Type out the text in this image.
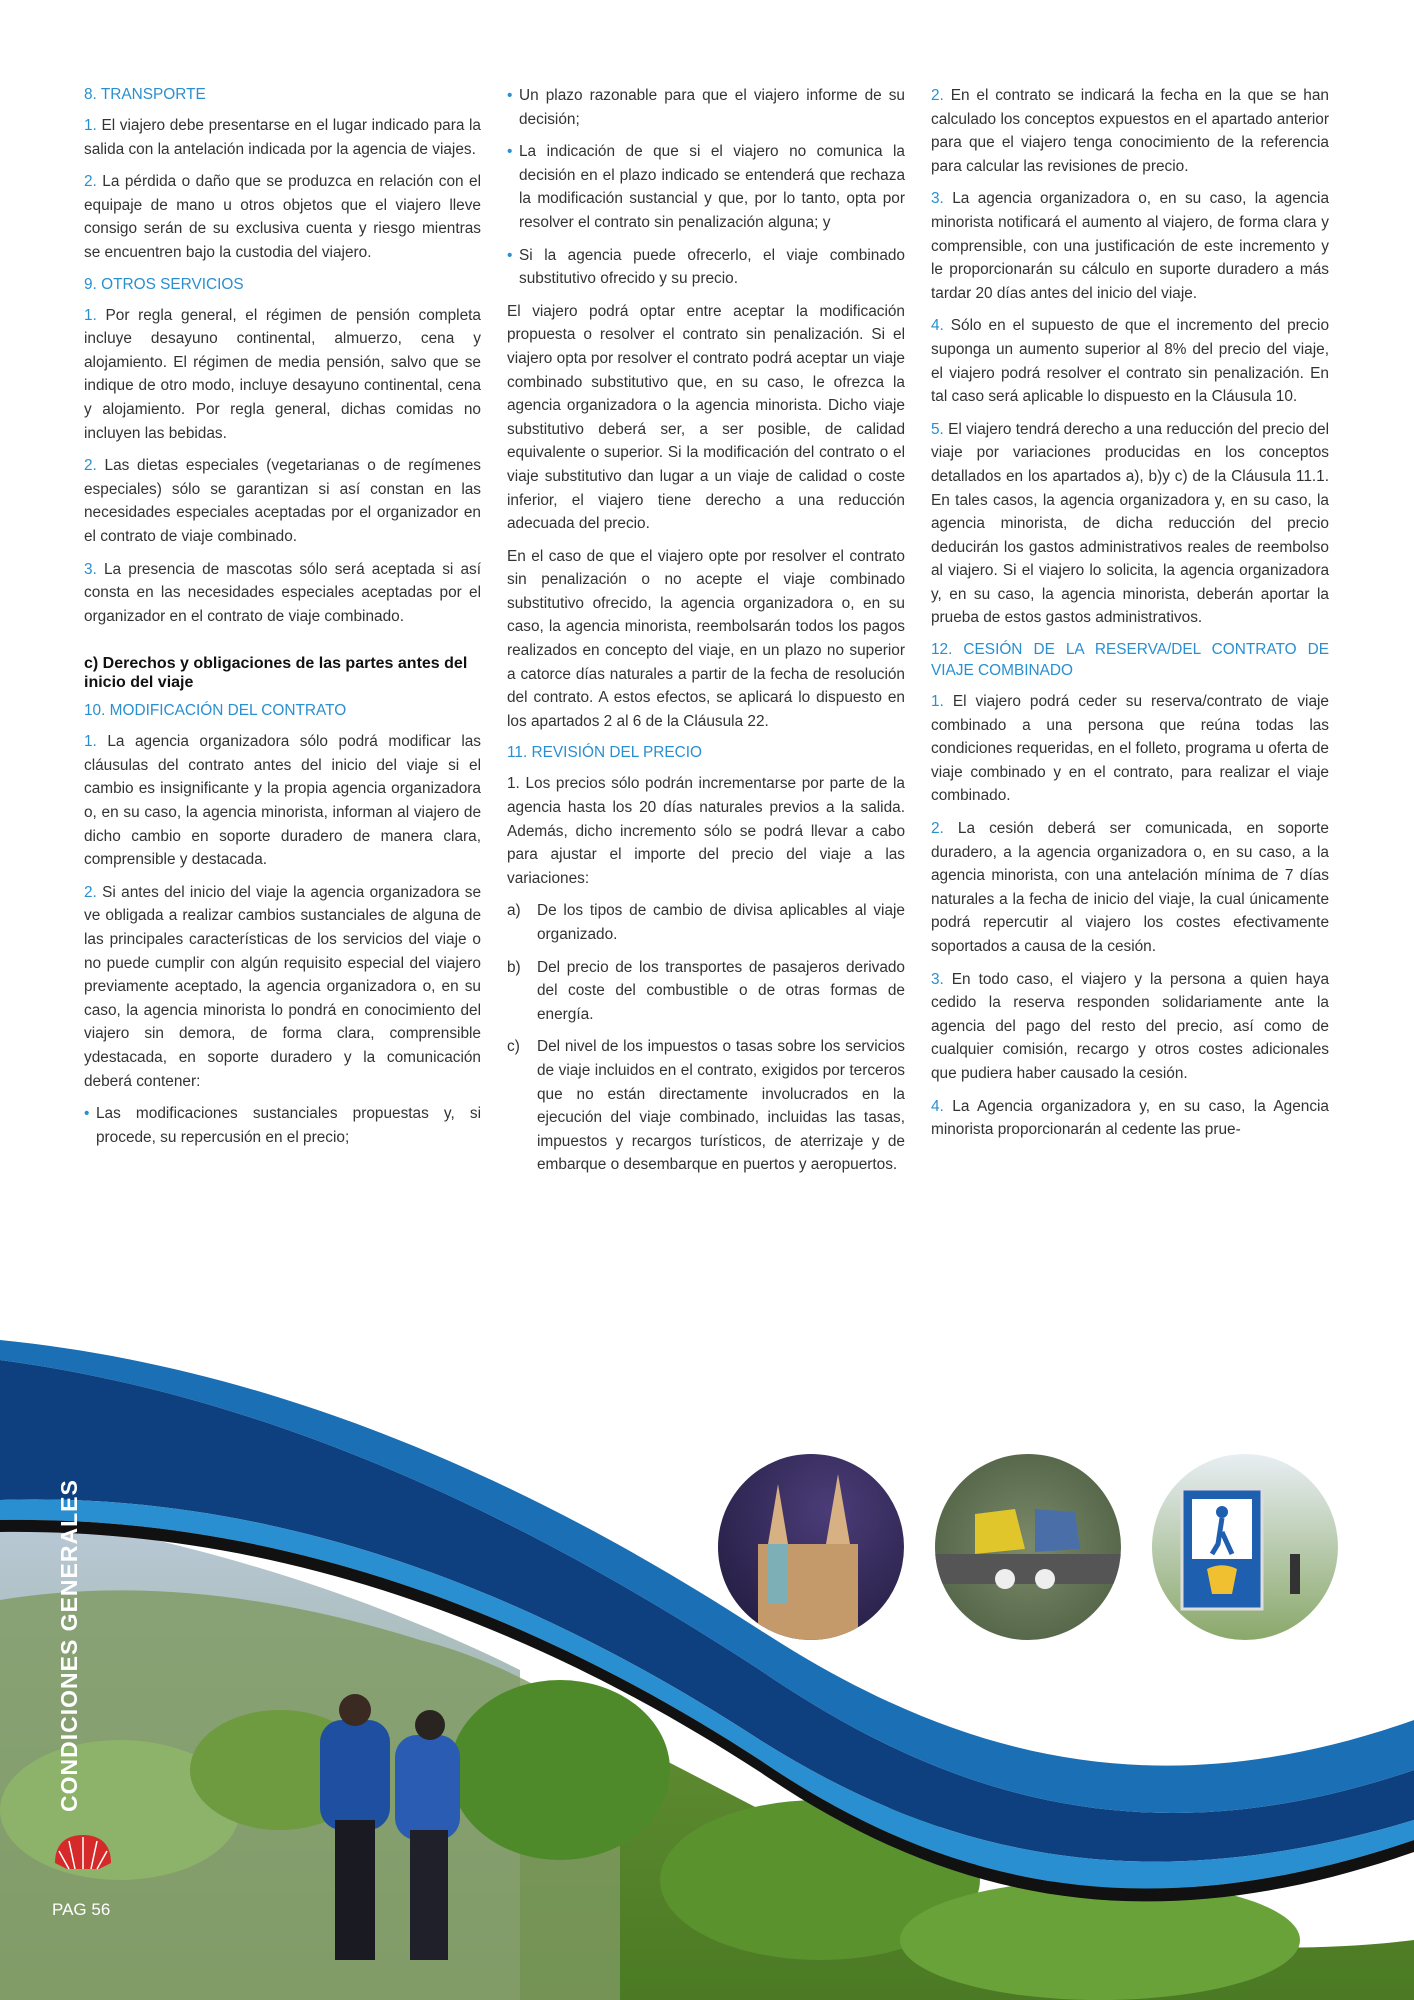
8. TRANSPORTE

1. El viajero debe presentarse en el lugar indicado para la salida con la antelación indicada por la agencia de viajes.

2. La pérdida o daño que se produzca en relación con el equipaje de mano u otros objetos que el viajero lleve consigo serán de su exclusiva cuenta y riesgo mientras se encuentren bajo la custodia del viajero.

9. OTROS SERVICIOS

1. Por regla general, el régimen de pensión completa incluye desayuno continental, almuerzo, cena y alojamiento. El régimen de media pensión, salvo que se indique de otro modo, incluye desayuno continental, cena y alojamiento. Por regla general, dichas comidas no incluyen las bebidas.

2. Las dietas especiales (vegetarianas o de regímenes especiales) sólo se garantizan si así constan en las necesidades especiales aceptadas por el organizador en el contrato de viaje combinado.

3. La presencia de mascotas sólo será aceptada si así consta en las necesidades especiales aceptadas por el organizador en el contrato de viaje combinado.

c) Derechos y obligaciones de las partes antes del inicio del viaje
10. MODIFICACIÓN DEL CONTRATO

1. La agencia organizadora sólo podrá modificar las cláusulas del contrato antes del inicio del viaje si el cambio es insignificante y la propia agencia organizadora o, en su caso, la agencia minorista, informan al viajero de dicho cambio en soporte duradero de manera clara, comprensible y destacada.

2. Si antes del inicio del viaje la agencia organizadora se ve obligada a realizar cambios sustanciales de alguna de las principales características de los servicios del viaje o no puede cumplir con algún requisito especial del viajero previamente aceptado, la agencia organizadora o, en su caso, la agencia minorista lo pondrá en conocimiento del viajero sin demora, de forma clara, comprensible ydestacada, en soporte duradero y la comunicación deberá contener:

• Las modificaciones sustanciales propuestas y, si procede, su repercusión en el precio;

• Un plazo razonable para que el viajero informe de su decisión;

• La indicación de que si el viajero no comunica la decisión en el plazo indicado se entenderá que rechaza la modificación sustancial y que, por lo tanto, opta por resolver el contrato sin penalización alguna; y

• Si la agencia puede ofrecerlo, el viaje combinado substitutivo ofrecido y su precio.

El viajero podrá optar entre aceptar la modificación propuesta o resolver el contrato sin penalización. Si el viajero opta por resolver el contrato podrá aceptar un viaje combinado substitutivo que, en su caso, le ofrezca la agencia organizadora o la agencia minorista. Dicho viaje substitutivo deberá ser, a ser posible, de calidad equivalente o superior. Si la modificación del contrato o el viaje substitutivo dan lugar a un viaje de calidad o coste inferior, el viajero tiene derecho a una reducción adecuada del precio.

En el caso de que el viajero opte por resolver el contrato sin penalización o no acepte el viaje combinado substitutivo ofrecido, la agencia organizadora o, en su caso, la agencia minorista, reembolsarán todos los pagos realizados en concepto del viaje, en un plazo no superior a catorce días naturales a partir de la fecha de resolución del contrato. A estos efectos, se aplicará lo dispuesto en los apartados 2 al 6 de la Cláusula 22.

11. REVISIÓN DEL PRECIO

1. Los precios sólo podrán incrementarse por parte de la agencia hasta los 20 días naturales previos a la salida. Además, dicho incremento sólo se podrá llevar a cabo para ajustar el importe del precio del viaje a las variaciones:

a) De los tipos de cambio de divisa aplicables al viaje organizado.
b) Del precio de los transportes de pasajeros derivado del coste del combustible o de otras formas de energía.
c) Del nivel de los impuestos o tasas sobre los servicios de viaje incluidos en el contrato, exigidos por terceros que no están directamente involucrados en la ejecución del viaje combinado, incluidas las tasas, impuestos y recargos turísticos, de aterrizaje y de embarque o desembarque en puertos y aeropuertos.

2. En el contrato se indicará la fecha en la que se han calculado los conceptos expuestos en el apartado anterior para que el viajero tenga conocimiento de la referencia para calcular las revisiones de precio.

3. La agencia organizadora o, en su caso, la agencia minorista notificará el aumento al viajero, de forma clara y comprensible, con una justificación de este incremento y le proporcionarán su cálculo en suporte duradero a más tardar 20 días antes del inicio del viaje.

4. Sólo en el supuesto de que el incremento del precio suponga un aumento superior al 8% del precio del viaje, el viajero podrá resolver el contrato sin penalización. En tal caso será aplicable lo dispuesto en la Cláusula 10.

5. El viajero tendrá derecho a una reducción del precio del viaje por variaciones producidas en los conceptos detallados en los apartados a), b)y c) de la Cláusula 11.1. En tales casos, la agencia organizadora y, en su caso, la agencia minorista, de dicha reducción del precio deducirán los gastos administrativos reales de reembolso al viajero. Si el viajero lo solicita, la agencia organizadora y, en su caso, la agencia minorista, deberán aportar la prueba de estos gastos administrativos.

12. CESIÓN DE LA RESERVA/DEL CONTRATO DE VIAJE COMBINADO

1. El viajero podrá ceder su reserva/contrato de viaje combinado a una persona que reúna todas las condiciones requeridas, en el folleto, programa u oferta de viaje combinado y en el contrato, para realizar el viaje combinado.

2. La cesión deberá ser comunicada, en soporte duradero, a la agencia organizadora o, en su caso, a la agencia minorista, con una antelación mínima de 7 días naturales a la fecha de inicio del viaje, la cual únicamente podrá repercutir al viajero los costes efectivamente soportados a causa de la cesión.

3. En todo caso, el viajero y la persona a quien haya cedido la reserva responden solidariamente ante la agencia del pago del resto del precio, así como de cualquier comisión, recargo y otros costes adicionales que pudiera haber causado la cesión.

4. La Agencia organizadora y, en su caso, la Agencia minorista proporcionarán al cedente las prue-

CONDICIONES GENERALES
PAG 56
